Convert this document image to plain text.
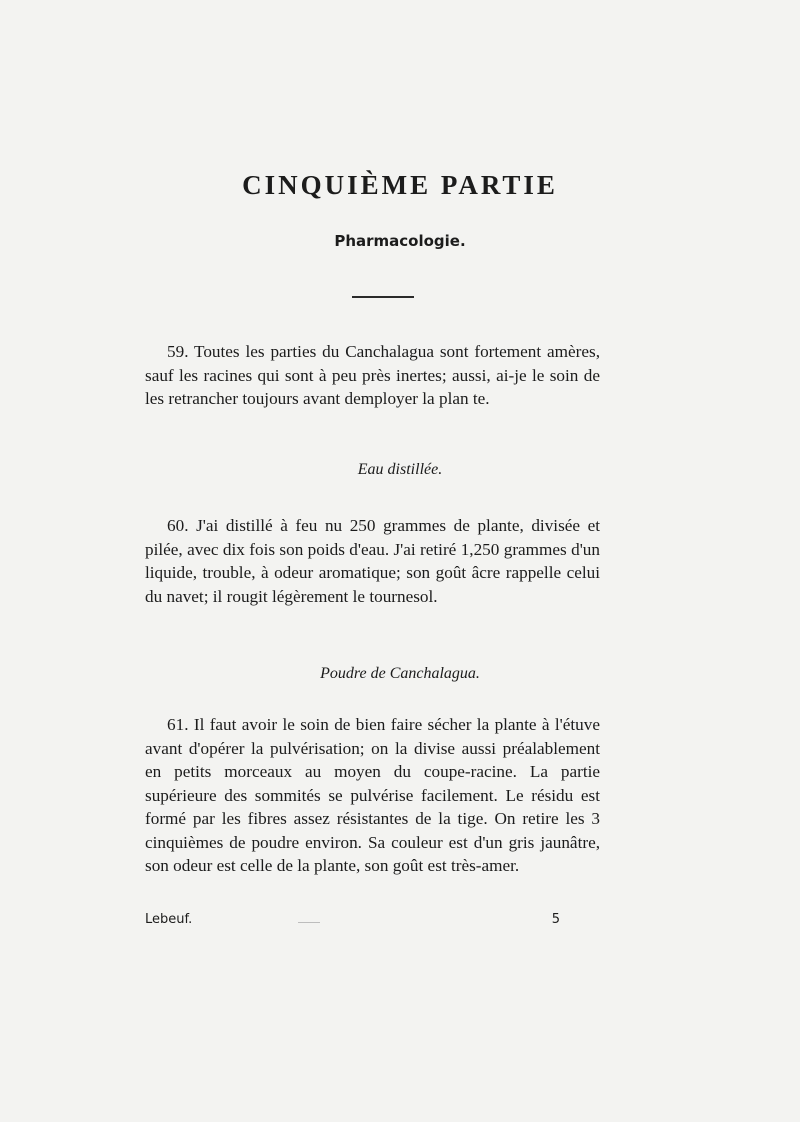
CINQUIÈME PARTIE
Pharmacologie.

59. Toutes les parties du Canchalagua sont fortement amères, sauf les racines qui sont à peu près inertes; aussi, ai-je le soin de les retrancher toujours avant demployer la plan te.

Eau distillée.

60. J'ai distillé à feu nu 250 grammes de plante, divisée et pilée, avec dix fois son poids d'eau. J'ai retiré 1,250 grammes d'un liquide, trouble, à odeur aromatique; son goût âcre rappelle celui du navet; il rougit légèrement le tournesol.

Poudre de Canchalagua.

61. Il faut avoir le soin de bien faire sécher la plante à l'étuve avant d'opérer la pulvérisation; on la divise aussi préalablement en petits morceaux au moyen du coupe-racine. La partie supérieure des sommités se pulvérise facilement. Le résidu est formé par les fibres assez résistantes de la tige. On retire les 3 cinquièmes de poudre environ. Sa couleur est d'un gris jaunâtre, son odeur est celle de la plante, son goût est très-amer.

Lebeuf.	5
